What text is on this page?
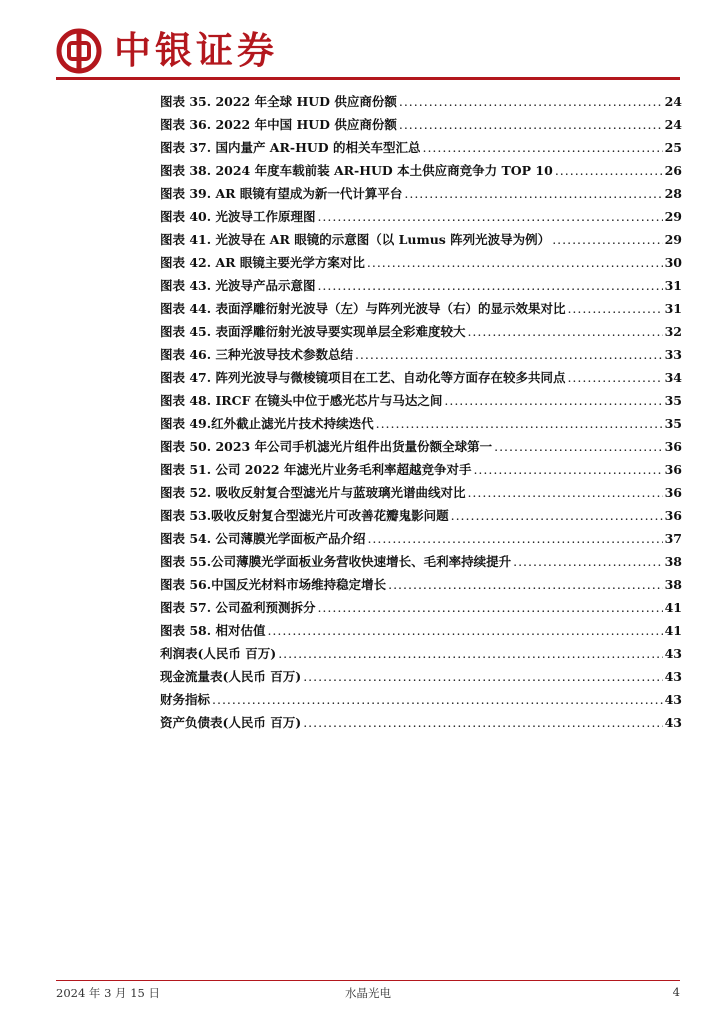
中银证券
图表 35. 2022 年全球 HUD 供应商份额 .....	24
图表 36. 2022 年中国 HUD 供应商份额 .....	24
图表 37. 国内量产 AR-HUD 的相关车型汇总 .....	25
图表 38. 2024 年度车载前装 AR-HUD 本土供应商竞争力 TOP 10 .....	26
图表 39. AR 眼镜有望成为新一代计算平台 .....	28
图表 40. 光波导工作原理图 .....	29
图表 41. 光波导在 AR 眼镜的示意图（以 Lumus 阵列光波导为例） .....	29
图表 42. AR 眼镜主要光学方案对比 .....	30
图表 43. 光波导产品示意图 .....	31
图表 44. 表面浮雕衍射光波导（左）与阵列光波导（右）的显示效果对比 .....	31
图表 45. 表面浮雕衍射光波导要实现单层全彩难度较大 .....	32
图表 46. 三种光波导技术参数总结 .....	33
图表 47. 阵列光波导与微棱镜项目在工艺、自动化等方面存在较多共同点 .....	34
图表 48. IRCF 在镜头中位于感光芯片与马达之间 .....	35
图表 49.红外截止滤光片技术持续迭代 .....	35
图表 50. 2023 年公司手机滤光片组件出货量份额全球第一 .....	36
图表 51. 公司 2022 年滤光片业务毛利率超越竞争对手 .....	36
图表 52. 吸收反射复合型滤光片与蓝玻璃光谱曲线对比 .....	36
图表 53.吸收反射复合型滤光片可改善花瓣鬼影问题 .....	36
图表 54. 公司薄膜光学面板产品介绍 .....	37
图表 55.公司薄膜光学面板业务营收快速增长、毛利率持续提升 .....	38
图表 56.中国反光材料市场维持稳定增长 .....	38
图表 57. 公司盈利预测拆分 .....	41
图表 58. 相对估值 .....	41
利润表(人民币 百万) .....	43
现金流量表(人民币 百万) .....	43
财务指标 .....	43
资产负债表(人民币 百万) .....	43
2024 年 3 月 15 日	水晶光电	4
